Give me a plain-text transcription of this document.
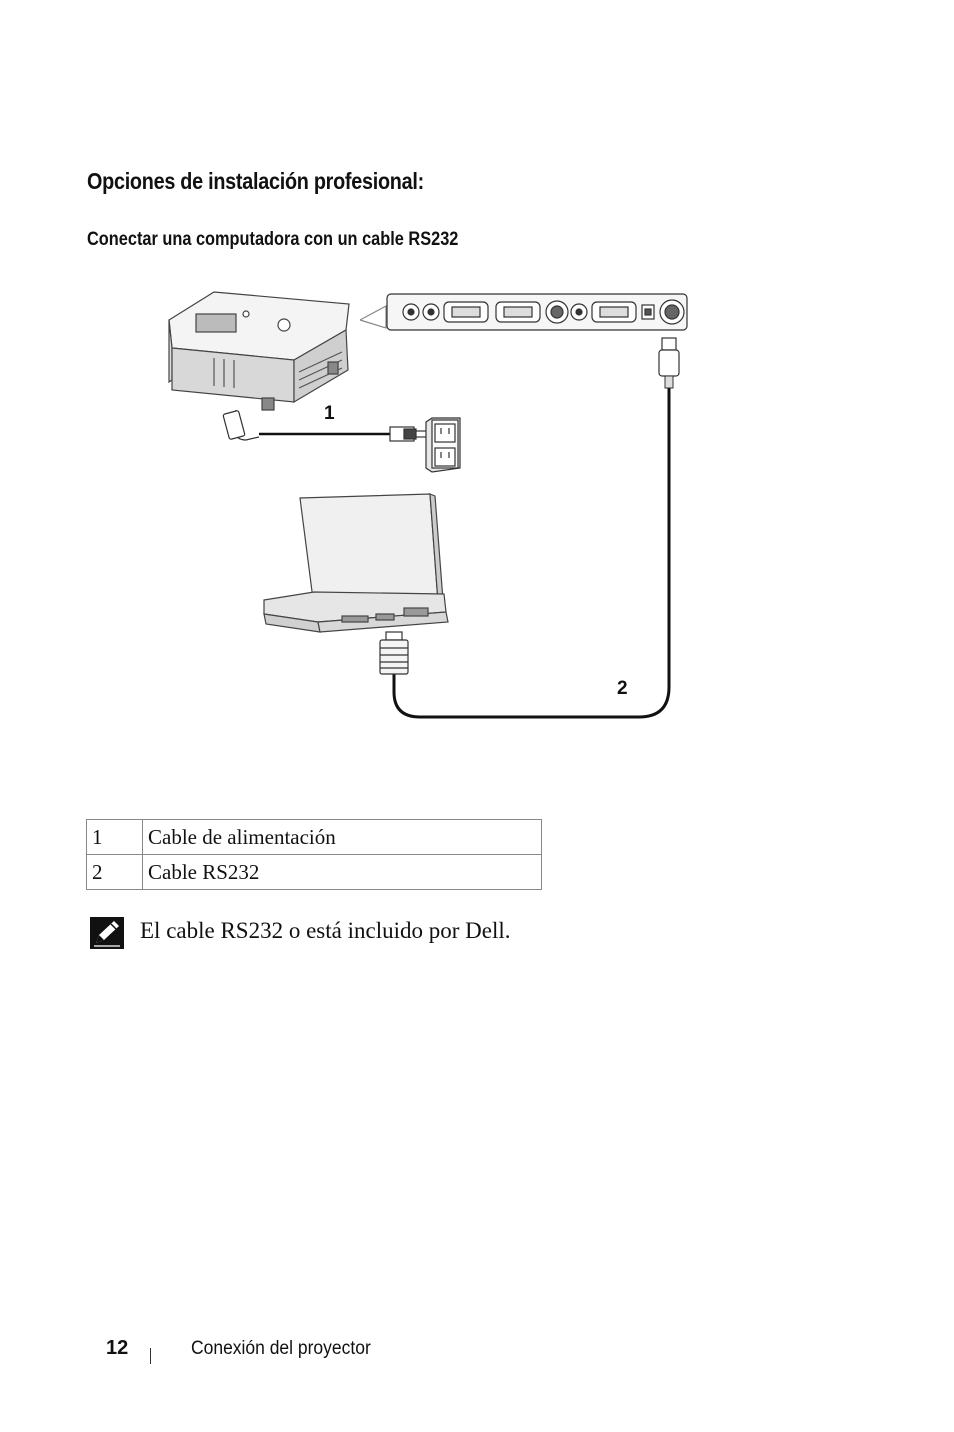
Opciones de instalación profesional:
Conectar una computadora con un cable RS232
1
2
1	Cable de alimentación
2	Cable RS232
El cable RS232 o está incluido por Dell.
12	Conexión del proyector
